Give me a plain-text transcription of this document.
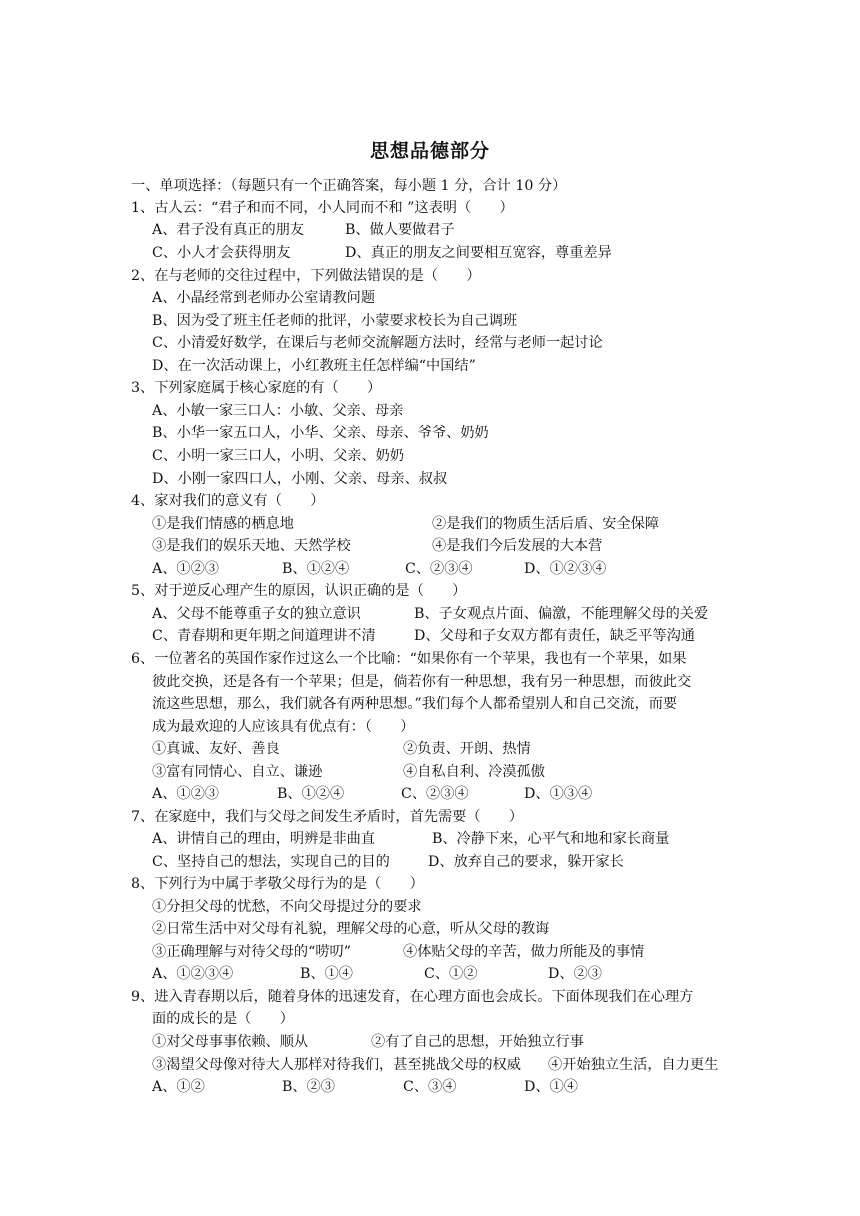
思想品德部分
一、单项选择：（每题只有一个正确答案，每小题 1 分，合计 10 分）
1、古人云：“君子和而不同，小人同而不和 ”这表明（　　）
A、君子没有真正的朋友	B、做人要做君子
C、小人才会获得朋友	D、真正的朋友之间要相互宽容，尊重差异
2、在与老师的交往过程中，下列做法错误的是（　　）
A、小晶经常到老师办公室请教问题
B、因为受了班主任老师的批评，小蒙要求校长为自己调班
C、小清爱好数学，在课后与老师交流解题方法时，经常与老师一起讨论
D、在一次活动课上，小红教班主任怎样编“中国结”
3、下列家庭属于核心家庭的有（　　）
A、小敏一家三口人：小敏、父亲、母亲
B、小华一家五口人，小华、父亲、母亲、爷爷、奶奶
C、小明一家三口人，小明、父亲、奶奶
D、小刚一家四口人，小刚、父亲、母亲、叔叔
4、家对我们的意义有（　　）
①是我们情感的栖息地	②是我们的物质生活后盾、安全保障
③是我们的娱乐天地、天然学校	④是我们今后发展的大本营
A、①②③	B、①②④	C、②③④	D、①②③④
5、对于逆反心理产生的原因，认识正确的是（　　）
A、父母不能尊重子女的独立意识	B、子女观点片面、偏激，不能理解父母的关爱
C、青春期和更年期之间道理讲不清	D、父母和子女双方都有责任，缺乏平等沟通
6、一位著名的英国作家作过这么一个比喻：“如果你有一个苹果，我也有一个苹果，如果
彼此交换，还是各有一个苹果；但是，倘若你有一种思想，我有另一种思想，而彼此交
流这些思想，那么，我们就各有两种思想。”我们每个人都希望别人和自己交流，而要
成为最欢迎的人应该具有优点有：（　　）
①真诚、友好、善良	②负责、开朗、热情
③富有同情心、自立、谦逊	④自私自利、冷漠孤傲
A、①②③	B、①②④	C、②③④	D、①③④
7、在家庭中，我们与父母之间发生矛盾时，首先需要（　　）
A、讲情自己的理由，明辨是非曲直	B、冷静下来，心平气和地和家长商量
C、坚持自己的想法，实现自己的目的	D、放弃自己的要求，躲开家长
8、下列行为中属于孝敬父母行为的是（　　）
①分担父母的忧愁，不向父母提过分的要求
②日常生活中对父母有礼貌，理解父母的心意，听从父母的教诲
③正确理解与对待父母的“唠叨”	④体贴父母的辛苦，做力所能及的事情
A、①②③④	B、①④	C、①②	D、②③
9、进入青春期以后，随着身体的迅速发育，在心理方面也会成长。下面体现我们在心理方
面的成长的是（　　）
①对父母事事依赖、顺从	②有了自己的思想，开始独立行事
③渴望父母像对待大人那样对待我们，甚至挑战父母的权威 ④开始独立生活，自力更生
A、①②	B、②③	C、③④	D、①④
